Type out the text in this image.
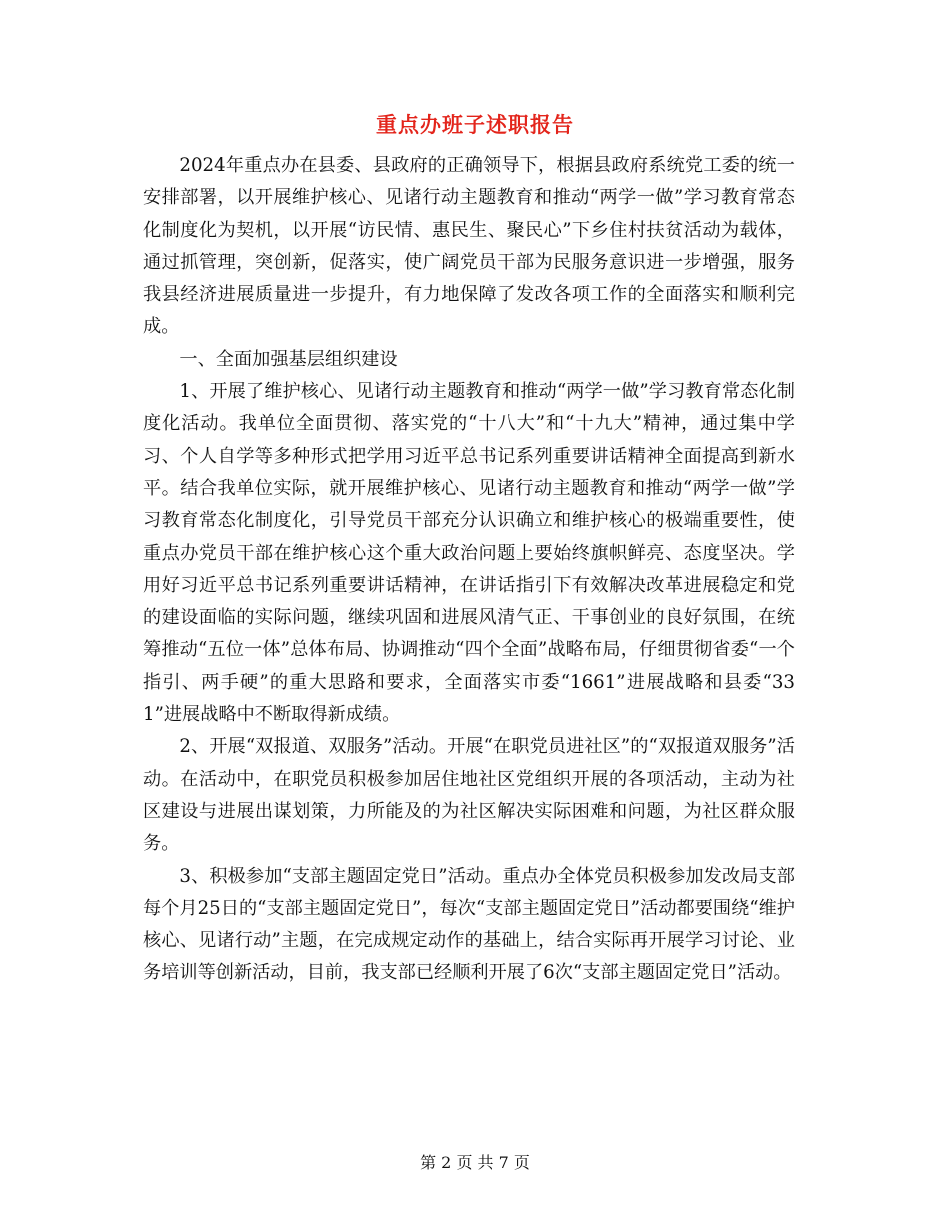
重点办班子述职报告

2024年重点办在县委、县政府的正确领导下，根据县政府系统党工委的统一安排部署，以开展维护核心、见诸行动主题教育和推动“两学一做”学习教育常态化制度化为契机，以开展“访民情、惠民生、聚民心”下乡住村扶贫活动为载体，通过抓管理，突创新，促落实，使广阔党员干部为民服务意识进一步增强，服务我县经济进展质量进一步提升，有力地保障了发改各项工作的全面落实和顺利完成。

一、全面加强基层组织建设

1、开展了维护核心、见诸行动主题教育和推动“两学一做”学习教育常态化制度化活动。我单位全面贯彻、落实党的“十八大”和“十九大”精神，通过集中学习、个人自学等多种形式把学用习近平总书记系列重要讲话精神全面提高到新水平。结合我单位实际，就开展维护核心、见诸行动主题教育和推动“两学一做”学习教育常态化制度化，引导党员干部充分认识确立和维护核心的极端重要性，使重点办党员干部在维护核心这个重大政治问题上要始终旗帜鲜亮、态度坚决。学用好习近平总书记系列重要讲话精神，在讲话指引下有效解决改革进展稳定和党的建设面临的实际问题，继续巩固和进展风清气正、干事创业的良好氛围，在统筹推动“五位一体”总体布局、协调推动“四个全面”战略布局，仔细贯彻省委“一个指引、两手硬”的重大思路和要求，全面落实市委“1661”进展战略和县委“331”进展战略中不断取得新成绩。

2、开展“双报道、双服务”活动。开展“在职党员进社区”的“双报道双服务”活动。在活动中，在职党员积极参加居住地社区党组织开展的各项活动，主动为社区建设与进展出谋划策，力所能及的为社区解决实际困难和问题，为社区群众服务。

3、积极参加“支部主题固定党日”活动。重点办全体党员积极参加发改局支部每个月25日的“支部主题固定党日”，每次“支部主题固定党日”活动都要围绕“维护核心、见诸行动”主题，在完成规定动作的基础上，结合实际再开展学习讨论、业务培训等创新活动，目前，我支部已经顺利开展了6次“支部主题固定党日”活动。

第 2 页 共 7 页
